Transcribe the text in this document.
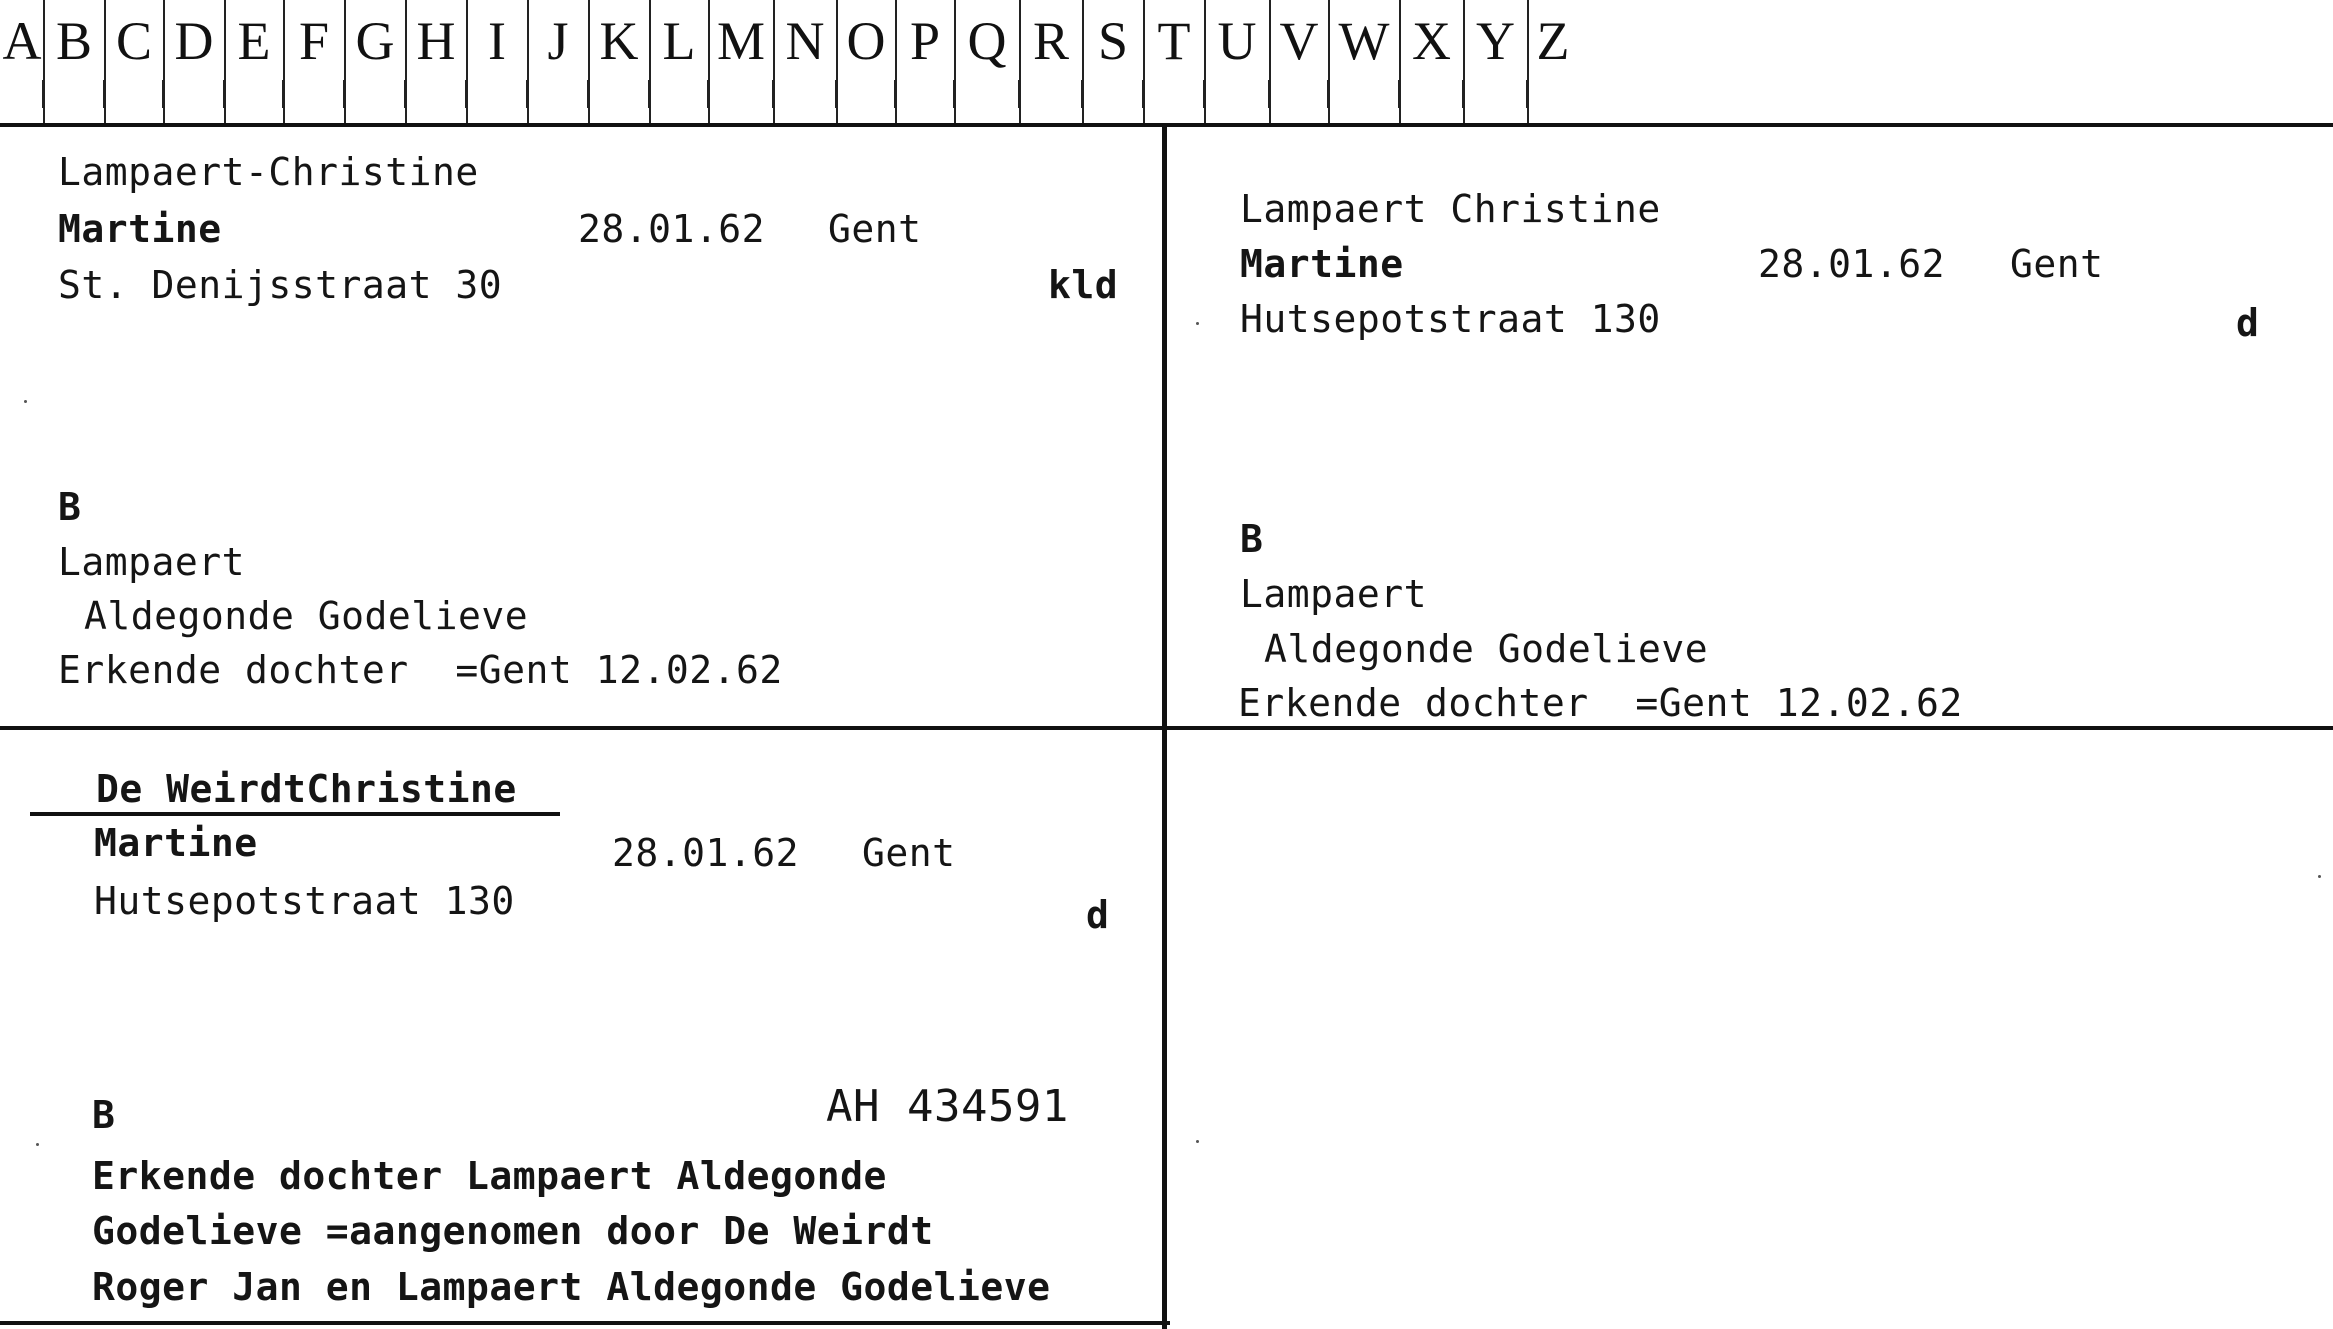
A B C D E F G H I J K L M N O P Q R S T U V W X Y Z
Lampaert-Christine
Martine	28.01.62 Gent
St. Denijsstraat 30	kld
B
Lampaert
Aldegonde Godelieve
Erkende dochter  =Gent 12.02.62
Lampaert Christine
Martine	28.01.62 Gent
Hutsepotstraat 130	d
B
Lampaert
Aldegonde Godelieve
Erkende dochter  =Gent 12.02.62
De WeirdtChristine
Martine	28.01.62 Gent
Hutsepotstraat 130	d
B	AH 434591
Erkende dochter Lampaert Aldegonde
Godelieve =aangenomen door De Weirdt
Roger Jan en Lampaert Aldegonde Godelieve
